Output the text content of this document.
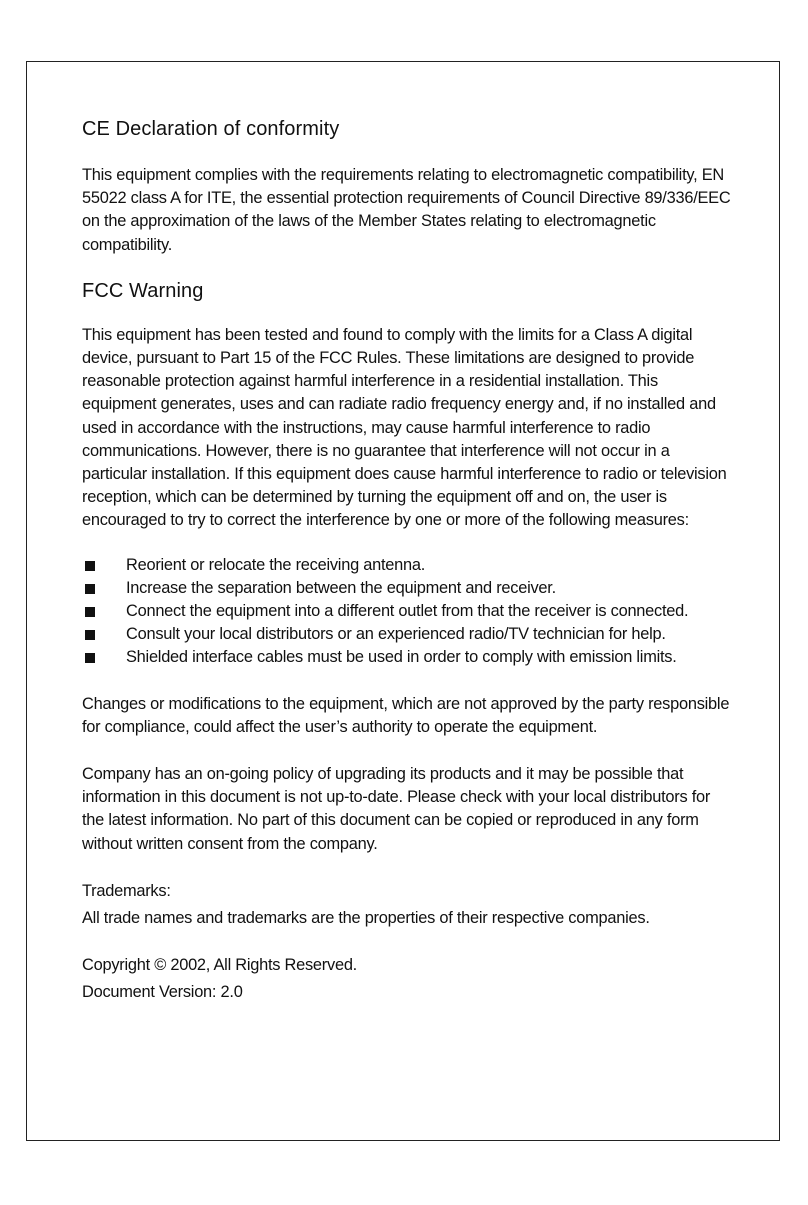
CE Declaration of conformity

This equipment complies with the requirements relating to electromagnetic compatibility, EN 55022 class A for ITE, the essential protection requirements of Council Directive 89/336/EEC on the approximation of the laws of the Member States relating to electromagnetic compatibility.

FCC Warning

This equipment has been tested and found to comply with the limits for a Class A digital device, pursuant to Part 15 of the FCC Rules. These limitations are designed to provide reasonable protection against harmful interference in a residential installation. This equipment generates, uses and can radiate radio frequency energy and, if no installed and used in accordance with the instructions, may cause harmful interference to radio communications. However, there is no guarantee that interference will not occur in a particular installation. If this equipment does cause harmful interference to radio or television reception, which can be determined by turning the equipment off and on, the user is encouraged to try to correct the interference by one or more of the following measures:

Reorient or relocate the receiving antenna.
Increase the separation between the equipment and receiver.
Connect the equipment into a different outlet from that the receiver is connected.
Consult your local distributors or an experienced radio/TV technician for help.
Shielded interface cables must be used in order to comply with emission limits.

Changes or modifications to the equipment, which are not approved by the party responsible for compliance, could affect the user’s authority to operate the equipment.

Company has an on-going policy of upgrading its products and it may be possible that information in this document is not up-to-date. Please check with your local distributors for the latest information. No part of this document can be copied or reproduced in any form without written consent from the company.

Trademarks:

All trade names and trademarks are the properties of their respective companies.

Copyright © 2002, All Rights Reserved.

Document Version: 2.0
